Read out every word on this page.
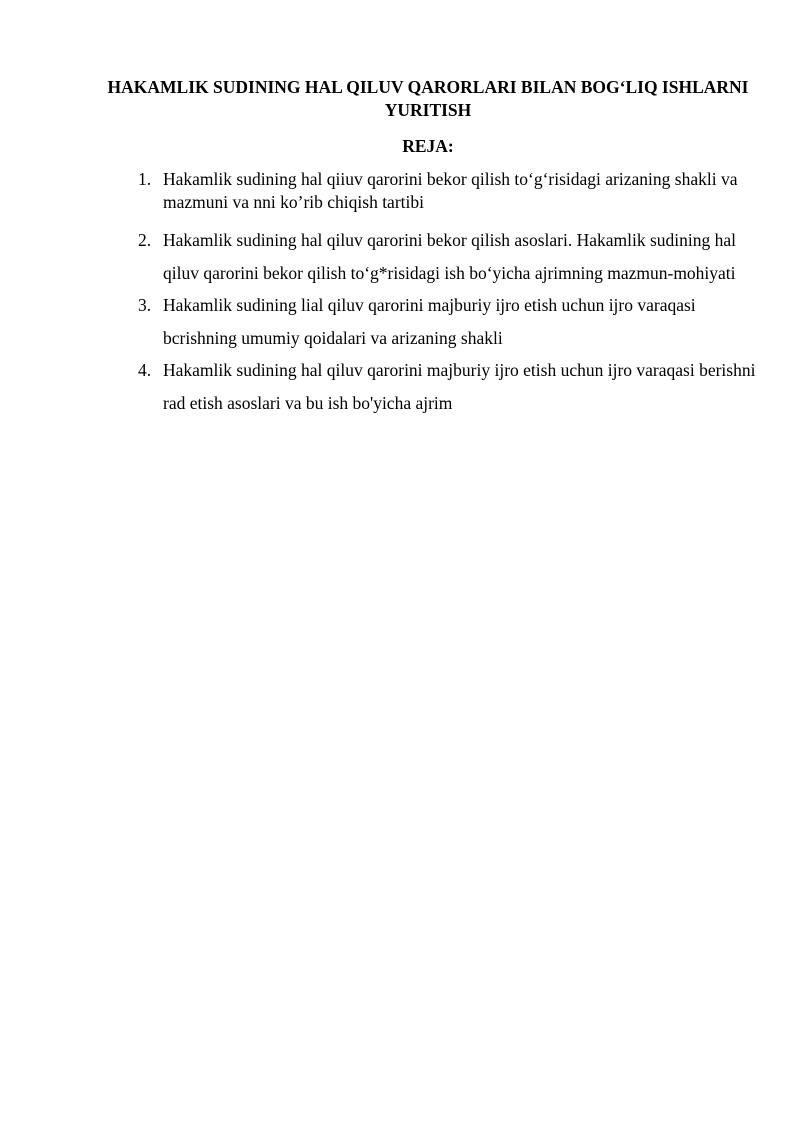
HAKAMLIK SUDINING HAL QILUV QARORLARI BILAN BOG‘LIQ ISHLARNI YURITISH
REJA:
1. Hakamlik sudining hal qiiuv qarorini bekor qilish to‘g‘risidagi arizaning shakli va mazmuni va nni ko’rib chiqish tartibi
2. Hakamlik sudining hal qiluv qarorini bekor qilish asoslari. Hakamlik sudining hal qiluv qarorini bekor qilish to‘g*risidagi ish bo‘yicha ajrimning mazmun-mohiyati
3. Hakamlik sudining lial qiluv qarorini majburiy ijro etish uchun ijro varaqasi bcrishning umumiy qoidalari va arizaning shakli
4. Hakamlik sudining hal qiluv qarorini majburiy ijro etish uchun ijro varaqasi berishni rad etish asoslari va bu ish bo'yicha ajrim
